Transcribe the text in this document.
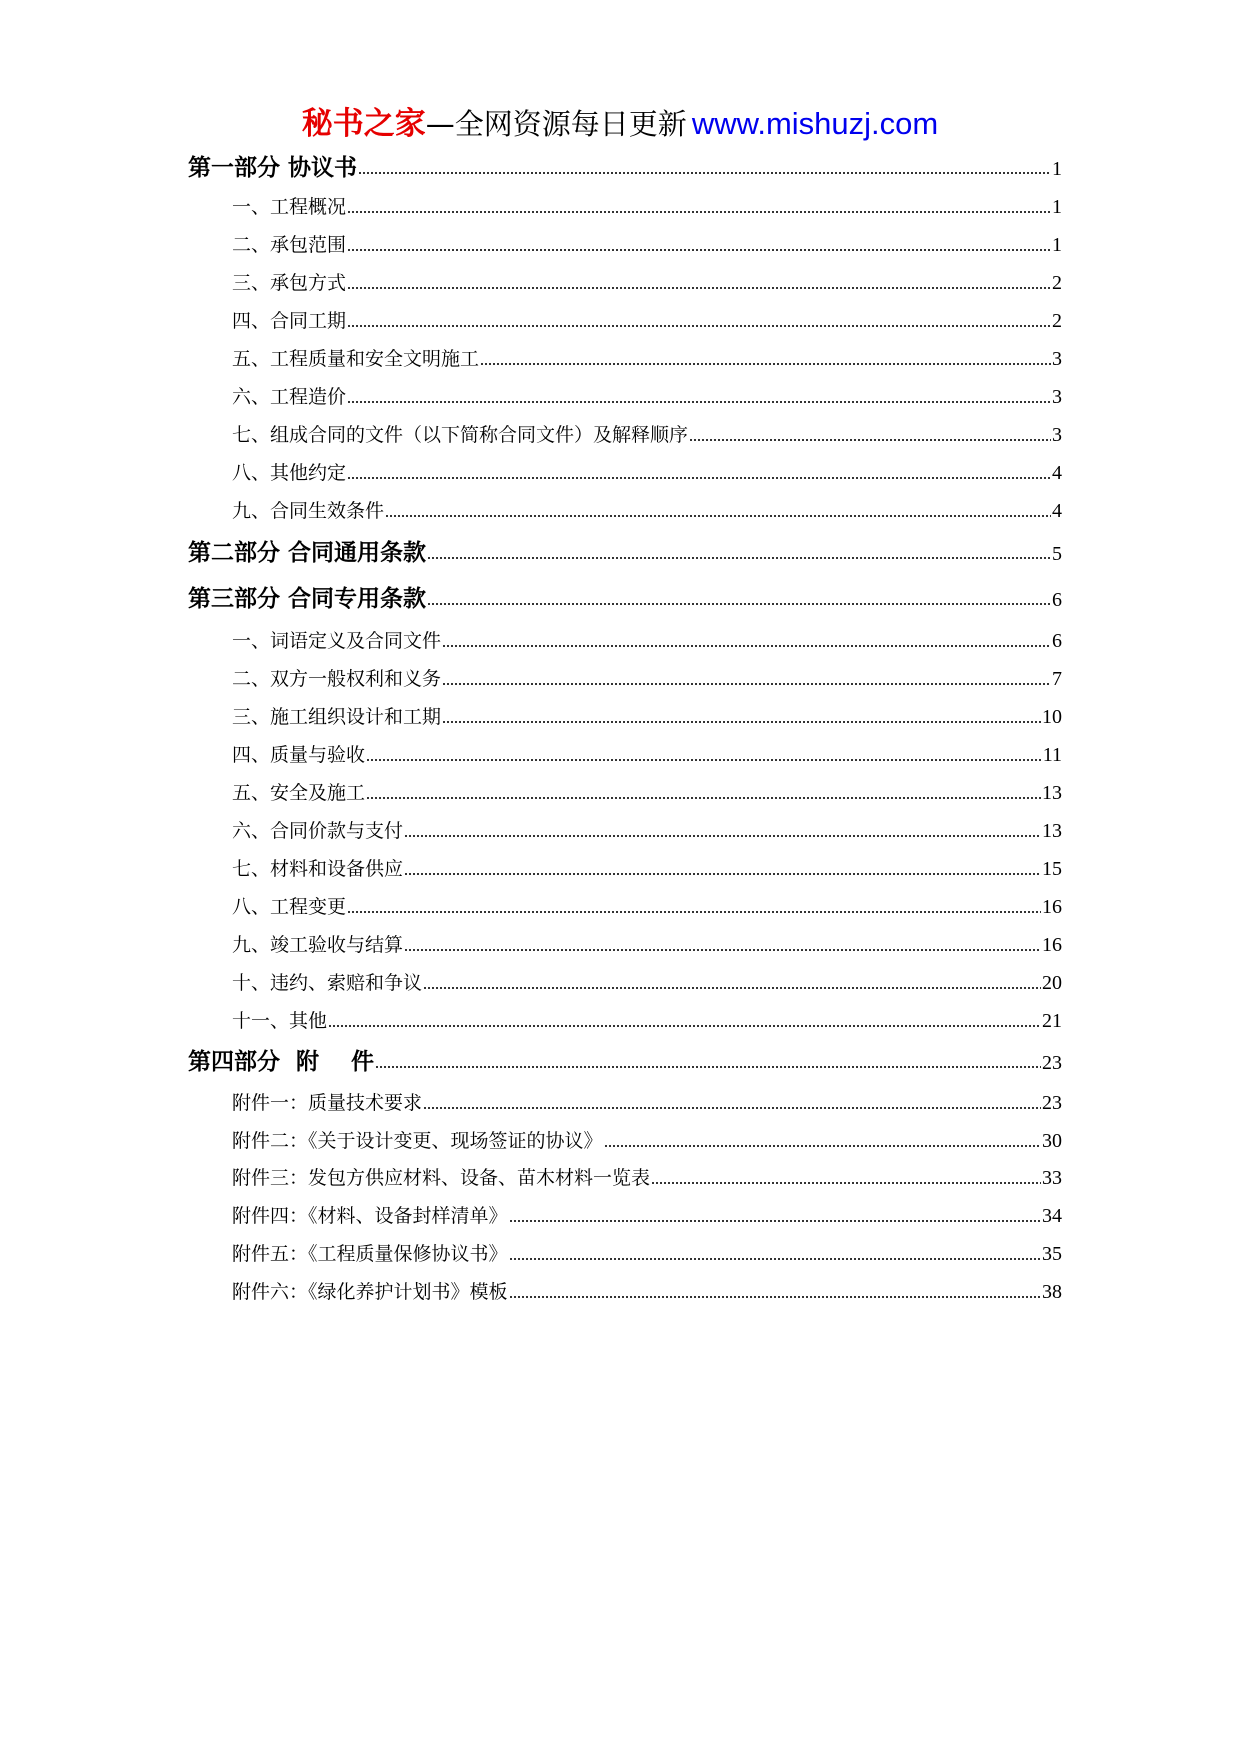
秘书之家—全网资源每日更新 www.mishuzj.com
第一部分 协议书	1
一、工程概况	1
二、承包范围	1
三、承包方式	2
四、合同工期	2
五、工程质量和安全文明施工	3
六、工程造价	3
七、组成合同的文件（以下简称合同文件）及解释顺序	3
八、其他约定	4
九、合同生效条件	4
第二部分 合同通用条款	5
第三部分 合同专用条款	6
一、词语定义及合同文件	6
二、双方一般权利和义务	7
三、施工组织设计和工期	10
四、质量与验收	11
五、安全及施工	13
六、合同价款与支付	13
七、材料和设备供应	15
八、工程变更	16
九、竣工验收与结算	16
十、违约、索赔和争议	20
十一、其他	21
第四部分  附    件	23
附件一：质量技术要求	23
附件二：《关于设计变更、现场签证的协议》	30
附件三：发包方供应材料、设备、苗木材料一览表	33
附件四：《材料、设备封样清单》	34
附件五：《工程质量保修协议书》	35
附件六：《绿化养护计划书》模板	38
